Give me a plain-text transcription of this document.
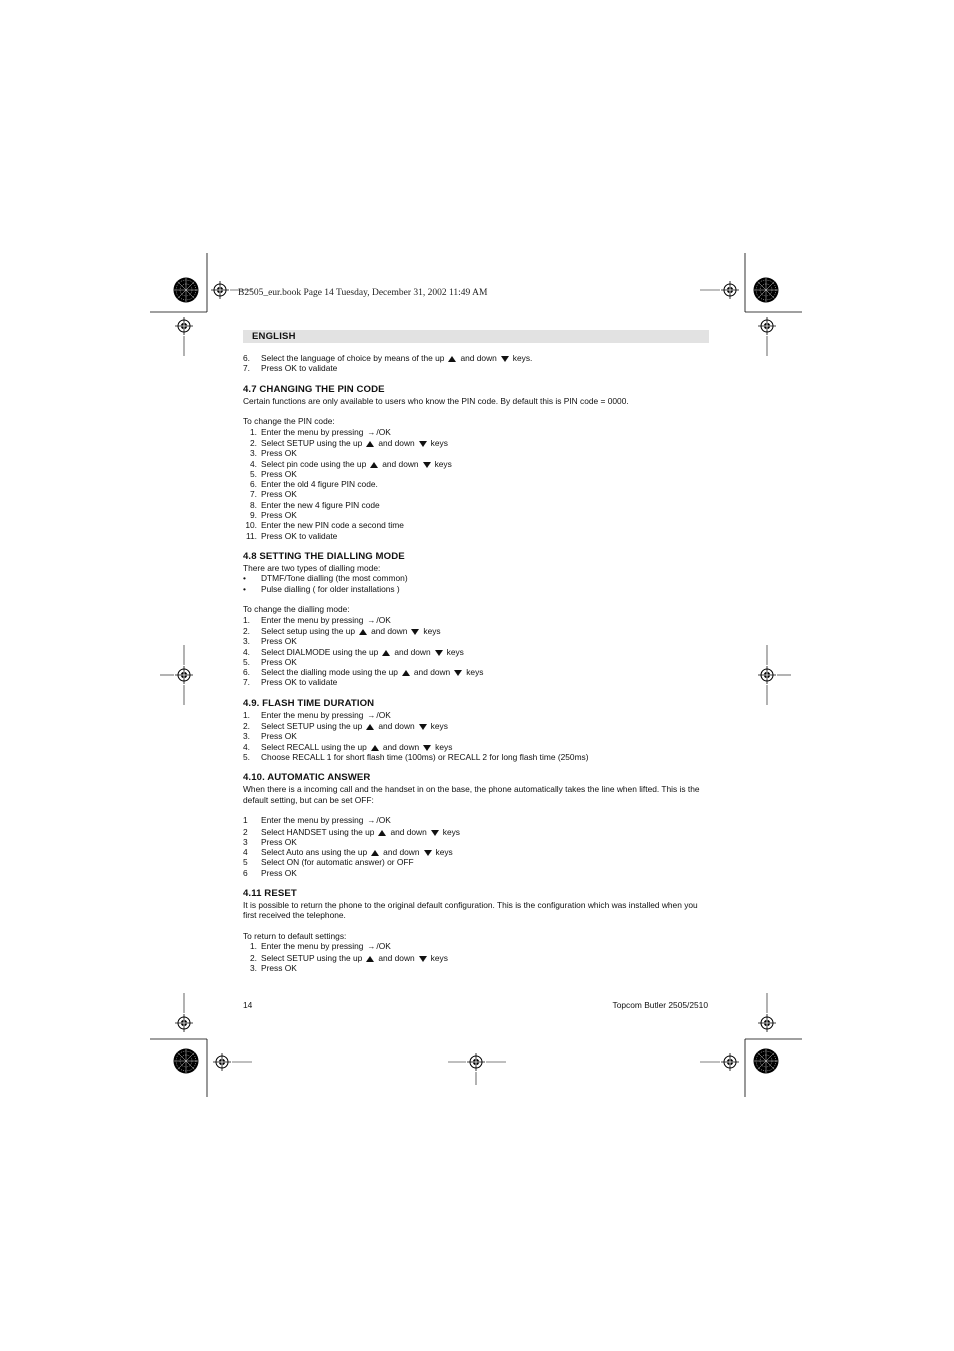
B2505_eur.book Page 14 Tuesday, December 31, 2002 11:49 AM
ENGLISH
6.	Select the language of choice by means of the up and down keys.
7.	Press OK to validate
4.7 CHANGING THE PIN CODE

Certain functions are only available to users who know the PIN code. By default this is PIN code = 0000.

To change the PIN code:

1. Enter the menu by pressing →/OK
2. Select SETUP using the up and down keys
3. Press OK
4. Select pin code using the up and down keys
5. Press OK
6. Enter the old 4 figure PIN code.
7. Press OK
8. Enter the new 4 figure PIN code
9. Press OK
10. Enter the new PIN code a second time
11. Press OK to validate
4.8 SETTING THE DIALLING MODE

There are two types of dialling mode:

•	DTMF/Tone dialling (the most common)
•	Pulse dialling ( for older installations )

To change the dialling mode:

1.	Enter the menu by pressing →/OK
2.	Select setup using the up and down keys
3.	Press OK
4.	Select DIALMODE using the up and down keys
5.	Press OK
6.	Select the dialling mode using the up and down keys
7.	Press OK to validate
4.9. FLASH TIME DURATION
1.	Enter the menu by pressing →/OK
2.	Select SETUP using the up and down keys
3.	Press OK
4.	Select RECALL using the up and down keys
5.	Choose RECALL 1 for short flash time (100ms) or RECALL 2 for long flash time (250ms)
4.10. AUTOMATIC ANSWER

When there is a incoming call and the handset in on the base, the phone automatically takes the line when lifted. This is the default setting, but can be set OFF:

1	Enter the menu by pressing →/OK
2	Select HANDSET using the up and down keys
3	Press OK
4	Select Auto ans using the up and down keys
5	Select ON (for automatic answer) or OFF
6	Press OK
4.11 RESET

It is possible to return the phone to the original default configuration. This is the configuration which was installed when you first received the telephone.

To return to default settings:

1. Enter the menu by pressing →/OK
2. Select SETUP using the up and down keys
3. Press OK
14	Topcom Butler 2505/2510
